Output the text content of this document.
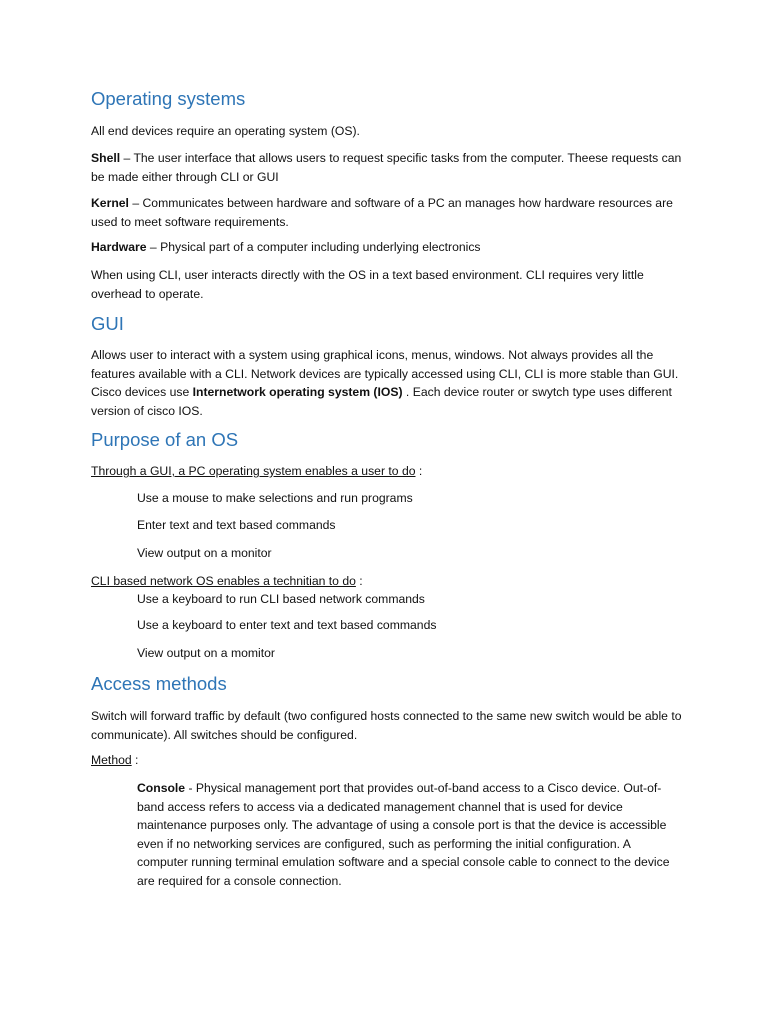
Operating systems

All end devices require an operating system (OS).

Shell – The user interface that allows users to request specific tasks from the computer. Theese requests can be made either through CLI or GUI

Kernel – Communicates between hardware and software of a PC an manages how hardware resources are used to meet software requirements.

Hardware – Physical part of a computer including underlying electronics

When using CLI, user interacts directly with the OS in a text based environment. CLI requires very little overhead to operate.

GUI

Allows user to interact with a system using graphical icons, menus, windows. Not always provides all the features available with a CLI. Network devices are typically accessed using CLI, CLI is more stable than GUI. Cisco devices use Internetwork operating system (IOS) . Each device router or swytch type uses different version of cisco IOS.

Purpose of an OS

Through a GUI, a PC operating system enables a user to do :

Use a mouse to make selections and run programs

Enter text and text based commands

View output on a monitor

CLI based network OS enables a technitian to do :

Use a keyboard to run CLI based network commands

Use a keyboard to enter text and text based commands

View output on a momitor

Access methods

Switch will forward traffic by default (two configured hosts connected to the same new switch would be able to communicate). All switches should be configured.

Method :

Console - Physical management port that provides out-of-band access to a Cisco device. Out-of-band access refers to access via a dedicated management channel that is used for device maintenance purposes only. The advantage of using a console port is that the device is accessible even if no networking services are configured, such as performing the initial configuration. A computer running terminal emulation software and a special console cable to connect to the device are required for a console connection.
